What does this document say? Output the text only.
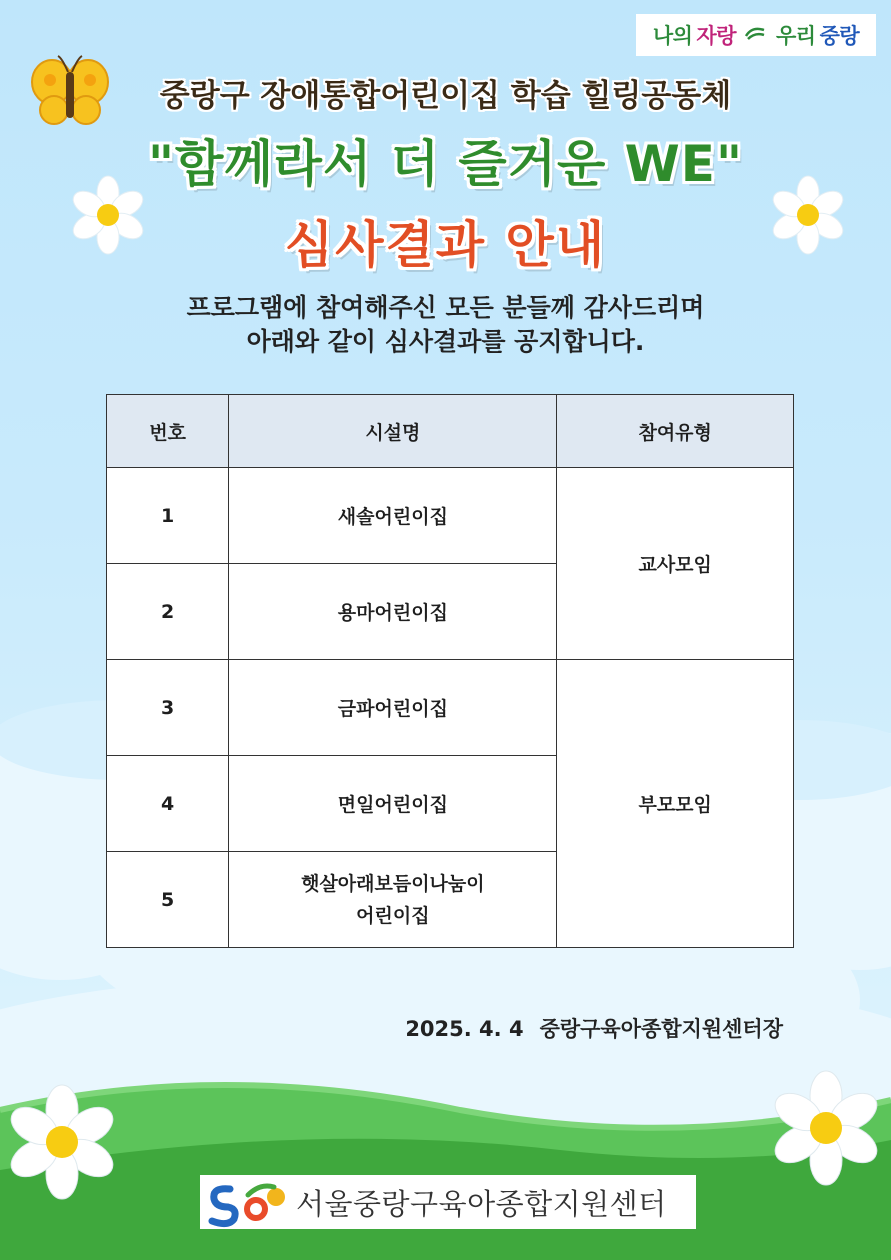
나의 자랑 우리 중랑
중랑구 장애통합어린이집 학습 힐링공동체
"함께라서 더 즐거운 WE"
심사결과 안내
프로그램에 참여해주신 모든 분들께 감사드리며
아래와 같이 심사결과를 공지합니다.
번호	시설명	참여유형
1	새솔어린이집	교사모임
2	용마어린이집	
3	금파어린이집	부모모임
4	면일어린이집	
5	햇살아래보듬이나눔이
어린이집	
2025. 4. 4 중랑구육아종합지원센터장
서울중랑구육아종합지원센터
